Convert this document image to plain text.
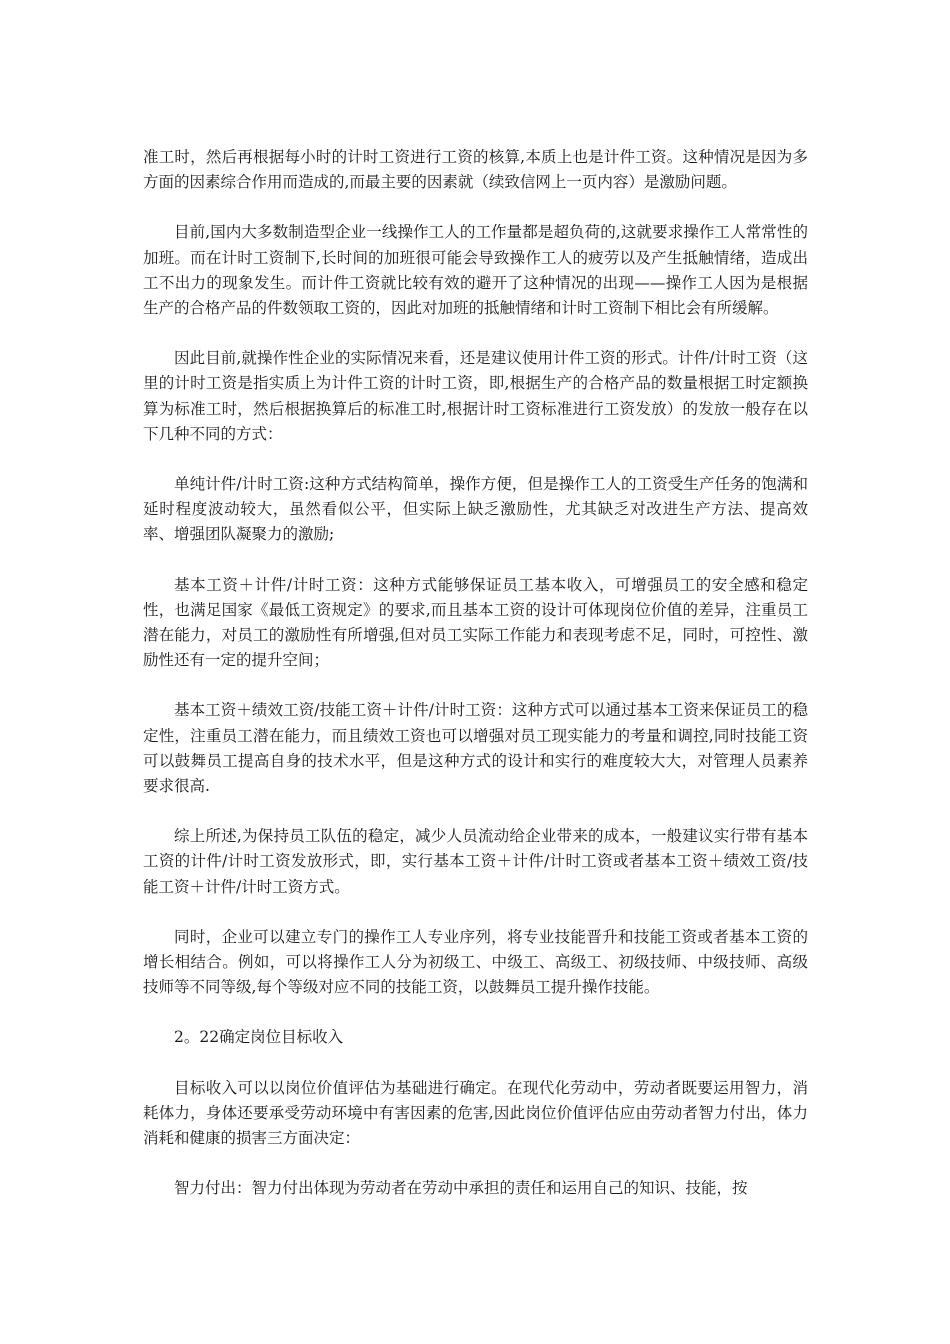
准工时，然后再根据每小时的计时工资进行工资的核算,本质上也是计件工资。这种情况是因为多方面的因素综合作用而造成的,而最主要的因素就（续致信网上一页内容）是激励问题。

目前,国内大多数制造型企业一线操作工人的工作量都是超负荷的,这就要求操作工人常常性的加班。而在计时工资制下,长时间的加班很可能会导致操作工人的疲劳以及产生抵触情绪，造成出工不出力的现象发生。而计件工资就比较有效的避开了这种情况的出现——操作工人因为是根据生产的合格产品的件数领取工资的，因此对加班的抵触情绪和计时工资制下相比会有所缓解。

因此目前,就操作性企业的实际情况来看，还是建议使用计件工资的形式。计件/计时工资（这里的计时工资是指实质上为计件工资的计时工资，即,根据生产的合格产品的数量根据工时定额换算为标准工时，然后根据换算后的标准工时,根据计时工资标准进行工资发放）的发放一般存在以下几种不同的方式：

单纯计件/计时工资:这种方式结构简单，操作方便，但是操作工人的工资受生产任务的饱满和延时程度波动较大，虽然看似公平，但实际上缺乏激励性，尤其缺乏对改进生产方法、提高效率、增强团队凝聚力的激励;

基本工资＋计件/计时工资：这种方式能够保证员工基本收入，可增强员工的安全感和稳定性，也满足国家《最低工资规定》的要求,而且基本工资的设计可体现岗位价值的差异，注重员工潜在能力，对员工的激励性有所增强,但对员工实际工作能力和表现考虑不足，同时，可控性、激励性还有一定的提升空间；

基本工资＋绩效工资/技能工资＋计件/计时工资：这种方式可以通过基本工资来保证员工的稳定性，注重员工潜在能力，而且绩效工资也可以增强对员工现实能力的考量和调控,同时技能工资可以鼓舞员工提高自身的技术水平，但是这种方式的设计和实行的难度较大大，对管理人员素养要求很高.

综上所述,为保持员工队伍的稳定，减少人员流动给企业带来的成本，一般建议实行带有基本工资的计件/计时工资发放形式，即，实行基本工资＋计件/计时工资或者基本工资＋绩效工资/技能工资＋计件/计时工资方式。

同时，企业可以建立专门的操作工人专业序列，将专业技能晋升和技能工资或者基本工资的增长相结合。例如，可以将操作工人分为初级工、中级工、高级工、初级技师、中级技师、高级技师等不同等级,每个等级对应不同的技能工资，以鼓舞员工提升操作技能。

2。22确定岗位目标收入

目标收入可以以岗位价值评估为基础进行确定。在现代化劳动中，劳动者既要运用智力，消耗体力，身体还要承受劳动环境中有害因素的危害,因此岗位价值评估应由劳动者智力付出，体力消耗和健康的损害三方面决定：

智力付出：智力付出体现为劳动者在劳动中承担的责任和运用自己的知识、技能，按
